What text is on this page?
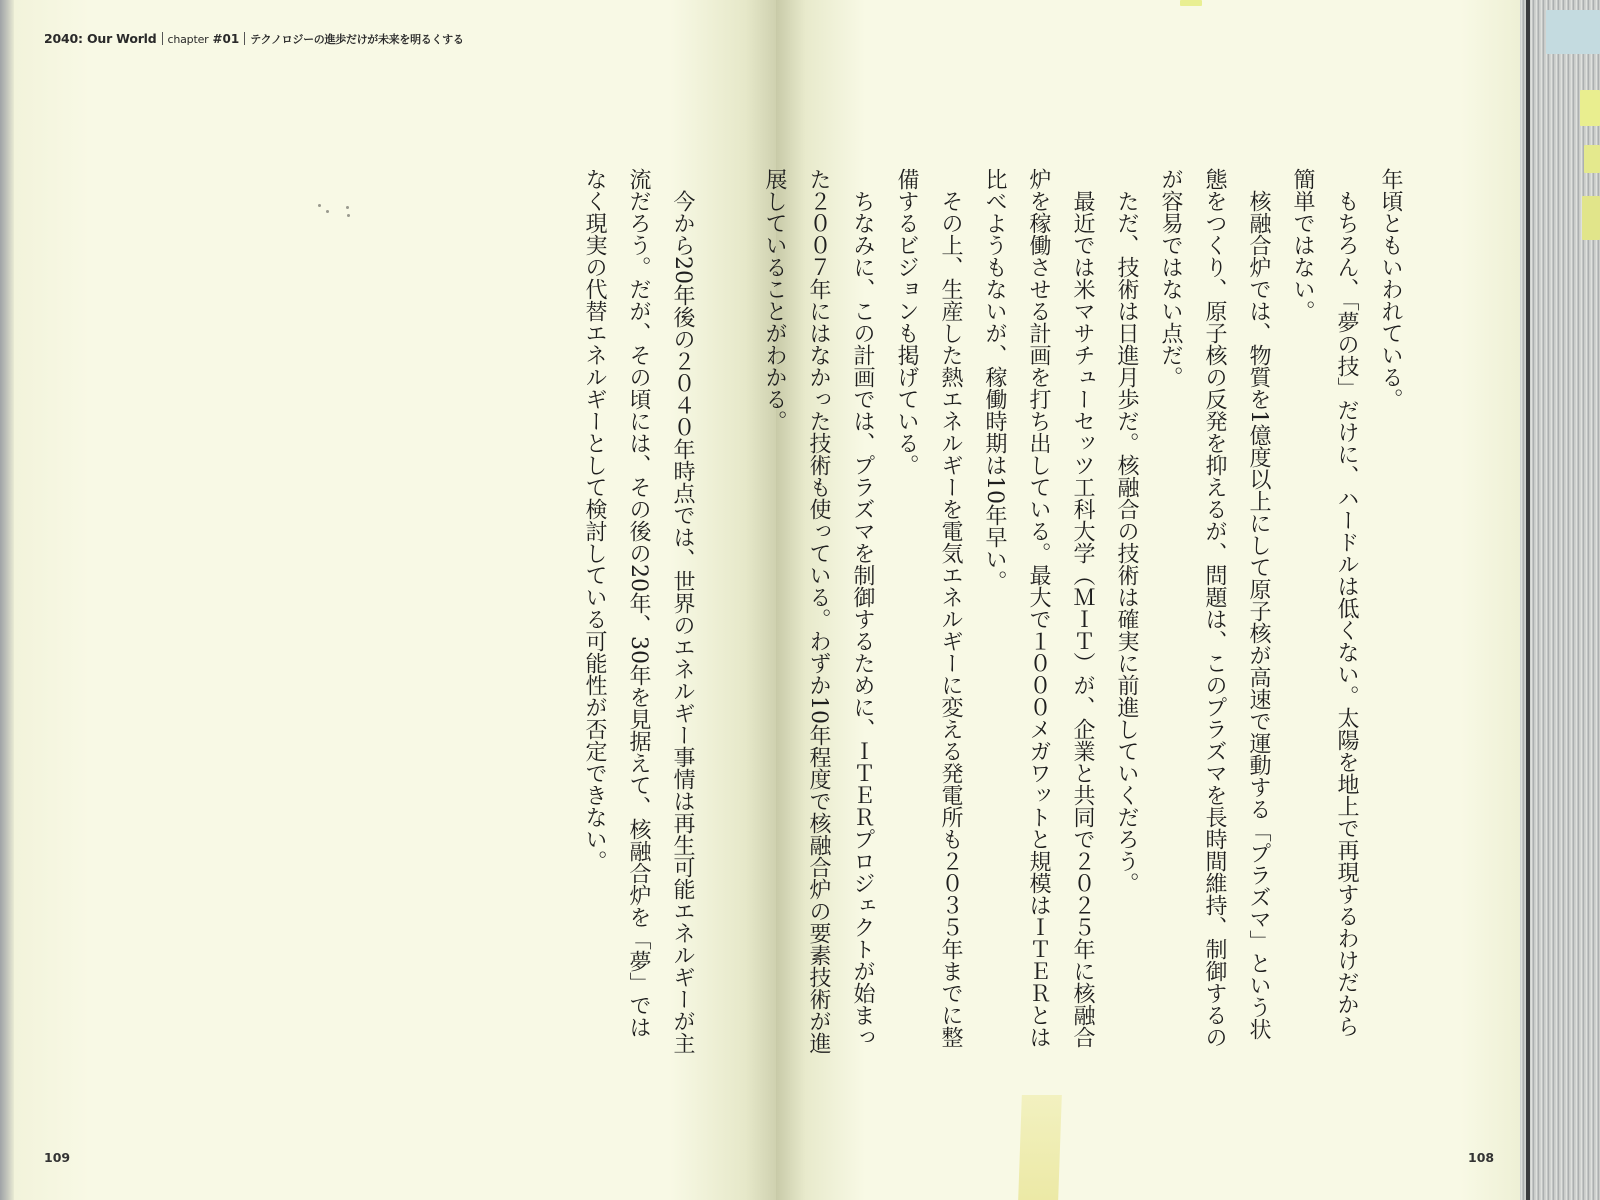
2040: Our World chapter #01 テクノロジーの進歩だけが未来を明るくする

年頃ともいわれている。

もちろん、「夢の技」だけに、ハードルは低くない。太陽を地上で再現するわけだから簡単ではない。

核融合炉では、物質を1億度以上にして原子核が高速で運動する「プラズマ」という状態をつくり、原子核の反発を抑えるが、問題は、このプラズマを長時間維持、制御するのが容易ではない点だ。

ただ、技術は日進月歩だ。核融合の技術は確実に前進していくだろう。

最近では米マサチューセッツ工科大学（ＭＩＴ）が、企業と共同で２０２５年に核融合炉を稼働させる計画を打ち出している。最大で１０００メガワットと規模はＩＴＥＲとは比べようもないが、稼働時期は10年早い。

その上、生産した熱エネルギーを電気エネルギーに変える発電所も２０３５年までに整備するビジョンも掲げている。

ちなみに、この計画では、プラズマを制御するために、ＩＴＥＲプロジェクトが始まった２００７年にはなかった技術も使っている。わずか10年程度で核融合炉の要素技術が進展していることがわかる。

今から20年後の２０４０年時点では、世界のエネルギー事情は再生可能エネルギーが主流だろう。だが、その頃には、その後の20年、30年を見据えて、核融合炉を「夢」ではなく現実の代替エネルギーとして検討している可能性が否定できない。

109	108
